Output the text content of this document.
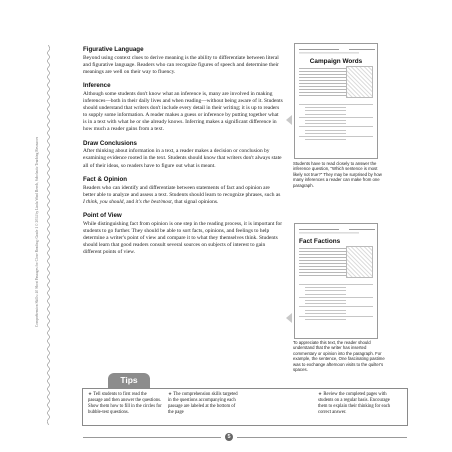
Comprehension Skills: 40 Short Passages for Close Reading: Grade 1 © 2014 by Linda Ward Beech, Scholastic Teaching Resources
Figurative Language
Beyond using context clues to derive meaning is the ability to differentiate between literal and figurative language. Readers who can recognize figures of speech and determine their meanings are well on their way to fluency.
Inference
Although some students don't know what an inference is, many are involved in making inferences—both in their daily lives and when reading—without being aware of it. Students should understand that writers don't include every detail in their writing; it is up to readers to supply some information. A reader makes a guess or inference by putting together what is in a text with what he or she already knows. Inferring makes a significant difference in how much a reader gains from a text.
Draw Conclusions
After thinking about information in a text, a reader makes a decision or conclusion by examining evidence rooted in the text. Students should know that writers don't always state all of their ideas, so readers have to figure out what is meant.
Fact & Opinion
Readers who can identify and differentiate between statements of fact and opinion are better able to analyze and assess a text. Students should learn to recognize phrases, such as I think, you should, and it's the best/most, that signal opinions.
Point of View
While distinguishing fact from opinion is one step in the reading process, it is important for students to go further. They should be able to sort facts, opinions, and feelings to help determine a writer's point of view and compare it to what they themselves think. Students should learn that good readers consult several sources on subjects of interest to gain different points of view.
Campaign Words
Students have to read closely to answer the inference question, "Which sentence is most likely not true?" They may be surprised by how many inferences a reader can make from one paragraph.
Fact Factions
To appreciate this text, the reader should understand that the writer has inserted commentary or opinion into the paragraph. For example, the sentence, One fascinating pastime was to exchange afternoon visits to the quilter's spaces.
Tips
★ Tell students to first read the passage and then answer the questions. Show them how to fill in the circles for bubble-test questions.
★ The comprehension skills targeted in the questions accompanying each passage are labeled at the bottom of the page
★ Review the completed pages with students on a regular basis. Encourage them to explain their thinking for each correct answer.
5
